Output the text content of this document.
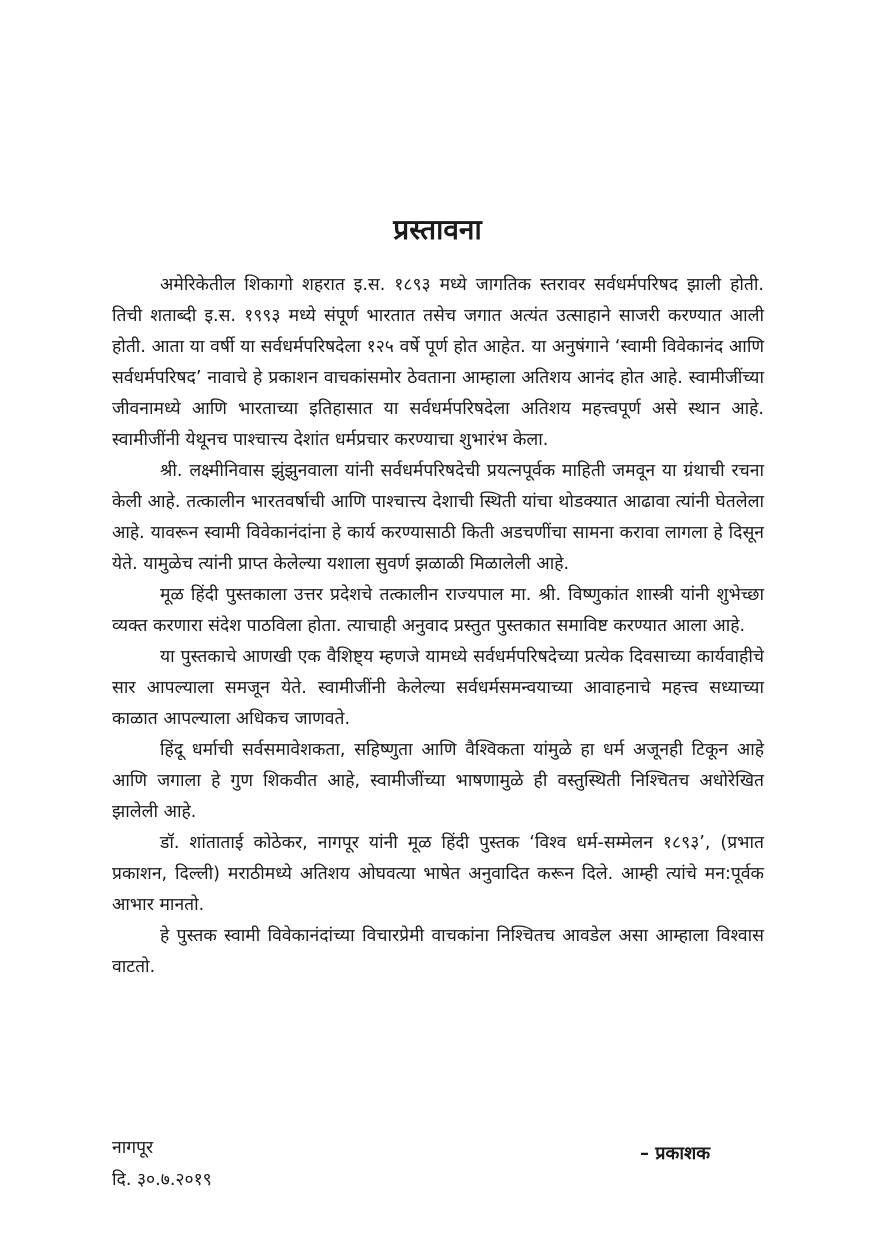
प्रस्तावना

अमेरिकेतील शिकागो शहरात इ.स. १८९३ मध्ये जागतिक स्तरावर सर्वधर्मपरिषद झाली होती. तिची शताब्दी इ.स. १९९३ मध्ये संपूर्ण भारतात तसेच जगात अत्यंत उत्साहाने साजरी करण्यात आली होती. आता या वर्षी या सर्वधर्मपरिषदेला १२५ वर्षे पूर्ण होत आहेत. या अनुषंगाने ‘स्वामी विवेकानंद आणि सर्वधर्मपरिषद’ नावाचे हे प्रकाशन वाचकांसमोर ठेवताना आम्हाला अतिशय आनंद होत आहे. स्वामीजींच्या जीवनामध्ये आणि भारताच्या इतिहासात या सर्वधर्मपरिषदेला अतिशय महत्त्वपूर्ण असे स्थान आहे. स्वामीजींनी येथूनच पाश्चात्त्य देशांत धर्मप्रचार करण्याचा शुभारंभ केला.

श्री. लक्ष्मीनिवास झुंझुनवाला यांनी सर्वधर्मपरिषदेची प्रयत्नपूर्वक माहिती जमवून या ग्रंथाची रचना केली आहे. तत्कालीन भारतवर्षाची आणि पाश्चात्त्य देशाची स्थिती यांचा थोडक्यात आढावा त्यांनी घेतलेला आहे. यावरून स्वामी विवेकानंदांना हे कार्य करण्यासाठी किती अडचणींचा सामना करावा लागला हे दिसून येते. यामुळेच त्यांनी प्राप्त केलेल्या यशाला सुवर्ण झळाळी मिळालेली आहे.

मूळ हिंदी पुस्तकाला उत्तर प्रदेशचे तत्कालीन राज्यपाल मा. श्री. विष्णुकांत शास्त्री यांनी शुभेच्छा व्यक्त करणारा संदेश पाठविला होता. त्याचाही अनुवाद प्रस्तुत पुस्तकात समाविष्ट करण्यात आला आहे.

या पुस्तकाचे आणखी एक वैशिष्ट्य म्हणजे यामध्ये सर्वधर्मपरिषदेच्या प्रत्येक दिवसाच्या कार्यवाहीचे सार आपल्याला समजून येते. स्वामीजींनी केलेल्या सर्वधर्मसमन्वयाच्या आवाहनाचे महत्त्व सध्याच्या काळात आपल्याला अधिकच जाणवते.

हिंदू धर्माची सर्वसमावेशकता, सहिष्णुता आणि वैश्विकता यांमुळे हा धर्म अजूनही टिकून आहे आणि जगाला हे गुण शिकवीत आहे, स्वामीजींच्या भाषणामुळे ही वस्तुस्थिती निश्चितच अधोरेखित झालेली आहे.

डॉ. शांताताई कोठेकर, नागपूर यांनी मूळ हिंदी पुस्तक ‘विश्व धर्म-सम्मेलन १८९३’, (प्रभात प्रकाशन, दिल्ली) मराठीमध्ये अतिशय ओघवत्या भाषेत अनुवादित करून दिले. आम्ही त्यांचे मन:पूर्वक आभार मानतो.

हे पुस्तक स्वामी विवेकानंदांच्या विचारप्रेमी वाचकांना निश्चितच आवडेल असा आम्हाला विश्वास वाटतो.

नागपूर
दि. ३०.७.२०१९
– प्रकाशक
